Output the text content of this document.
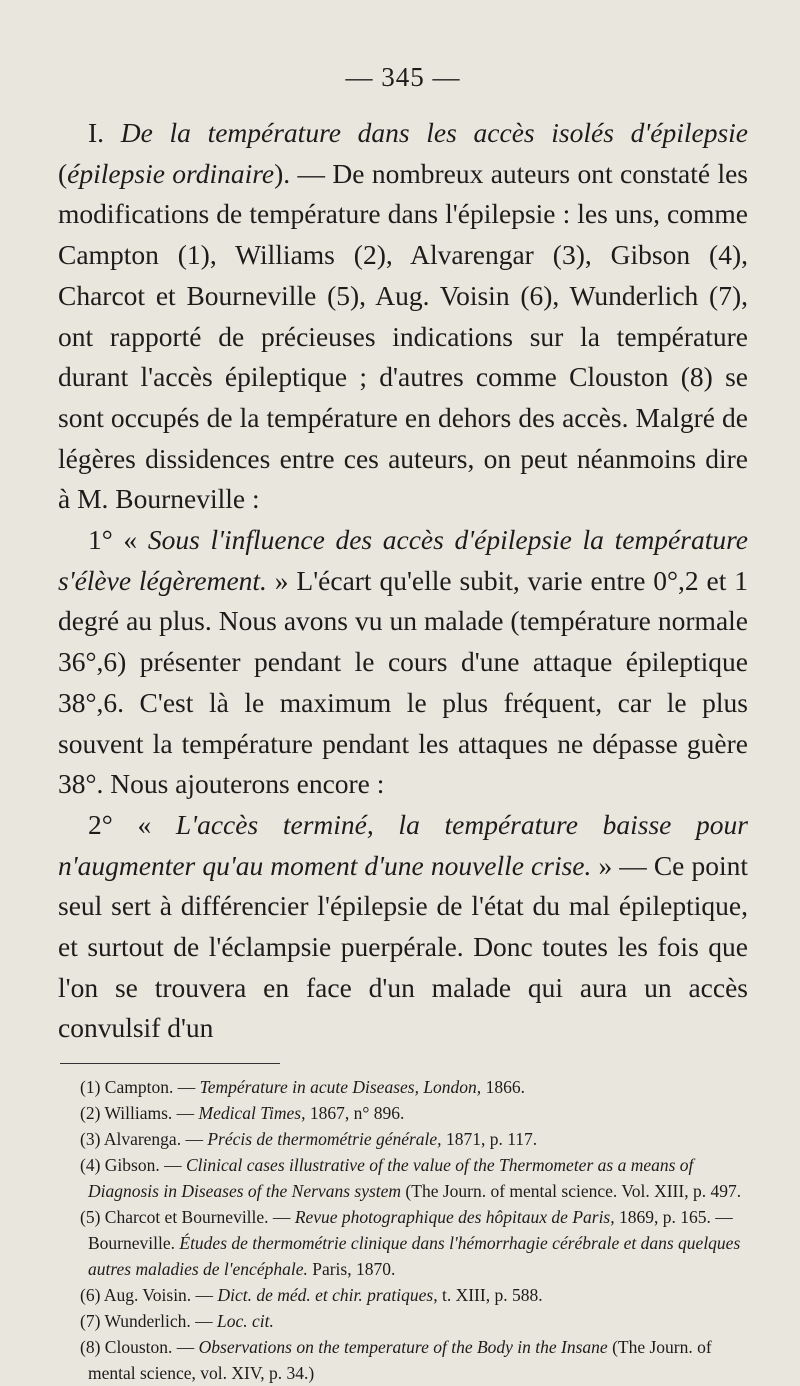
— 345 —

I. De la température dans les accès isolés d'épilepsie (épilepsie ordinaire). — De nombreux auteurs ont constaté les modifications de température dans l'épilepsie : les uns, comme Campton (1), Williams (2), Alvarengar (3), Gibson (4), Charcot et Bourneville (5), Aug. Voisin (6), Wunderlich (7), ont rapporté de précieuses indications sur la température durant l'accès épileptique ; d'autres comme Clouston (8) se sont occupés de la température en dehors des accès. Malgré de légères dissidences entre ces auteurs, on peut néanmoins dire à M. Bourneville :

1° « Sous l'influence des accès d'épilepsie la température s'élève légèrement. » L'écart qu'elle subit, varie entre 0°,2 et 1 degré au plus. Nous avons vu un malade (température normale 36°,6) présenter pendant le cours d'une attaque épileptique 38°,6. C'est là le maximum le plus fréquent, car le plus souvent la température pendant les attaques ne dépasse guère 38°. Nous ajouterons encore :

2° « L'accès terminé, la température baisse pour n'augmenter qu'au moment d'une nouvelle crise. » — Ce point seul sert à différencier l'épilepsie de l'état du mal épileptique, et surtout de l'éclampsie puerpérale. Donc toutes les fois que l'on se trouvera en face d'un malade qui aura un accès convulsif d'un

(1) Campton. — Température in acute Diseases, London, 1866.

(2) Williams. — Medical Times, 1867, n° 896.

(3) Alvarenga. — Précis de thermométrie générale, 1871, p. 117.

(4) Gibson. — Clinical cases illustrative of the value of the Thermometer as a means of Diagnosis in Diseases of the Nervans system (The Journ. of mental science. Vol. XIII, p. 497.

(5) Charcot et Bourneville. — Revue photographique des hôpitaux de Paris, 1869, p. 165. — Bourneville. Études de thermométrie clinique dans l'hémorrhagie cérébrale et dans quelques autres maladies de l'encéphale. Paris, 1870.

(6) Aug. Voisin. — Dict. de méd. et chir. pratiques, t. XIII, p. 588.

(7) Wunderlich. — Loc. cit.

(8) Clouston. — Observations on the temperature of the Body in the Insane (The Journ. of mental science, vol. XIV, p. 34.)
